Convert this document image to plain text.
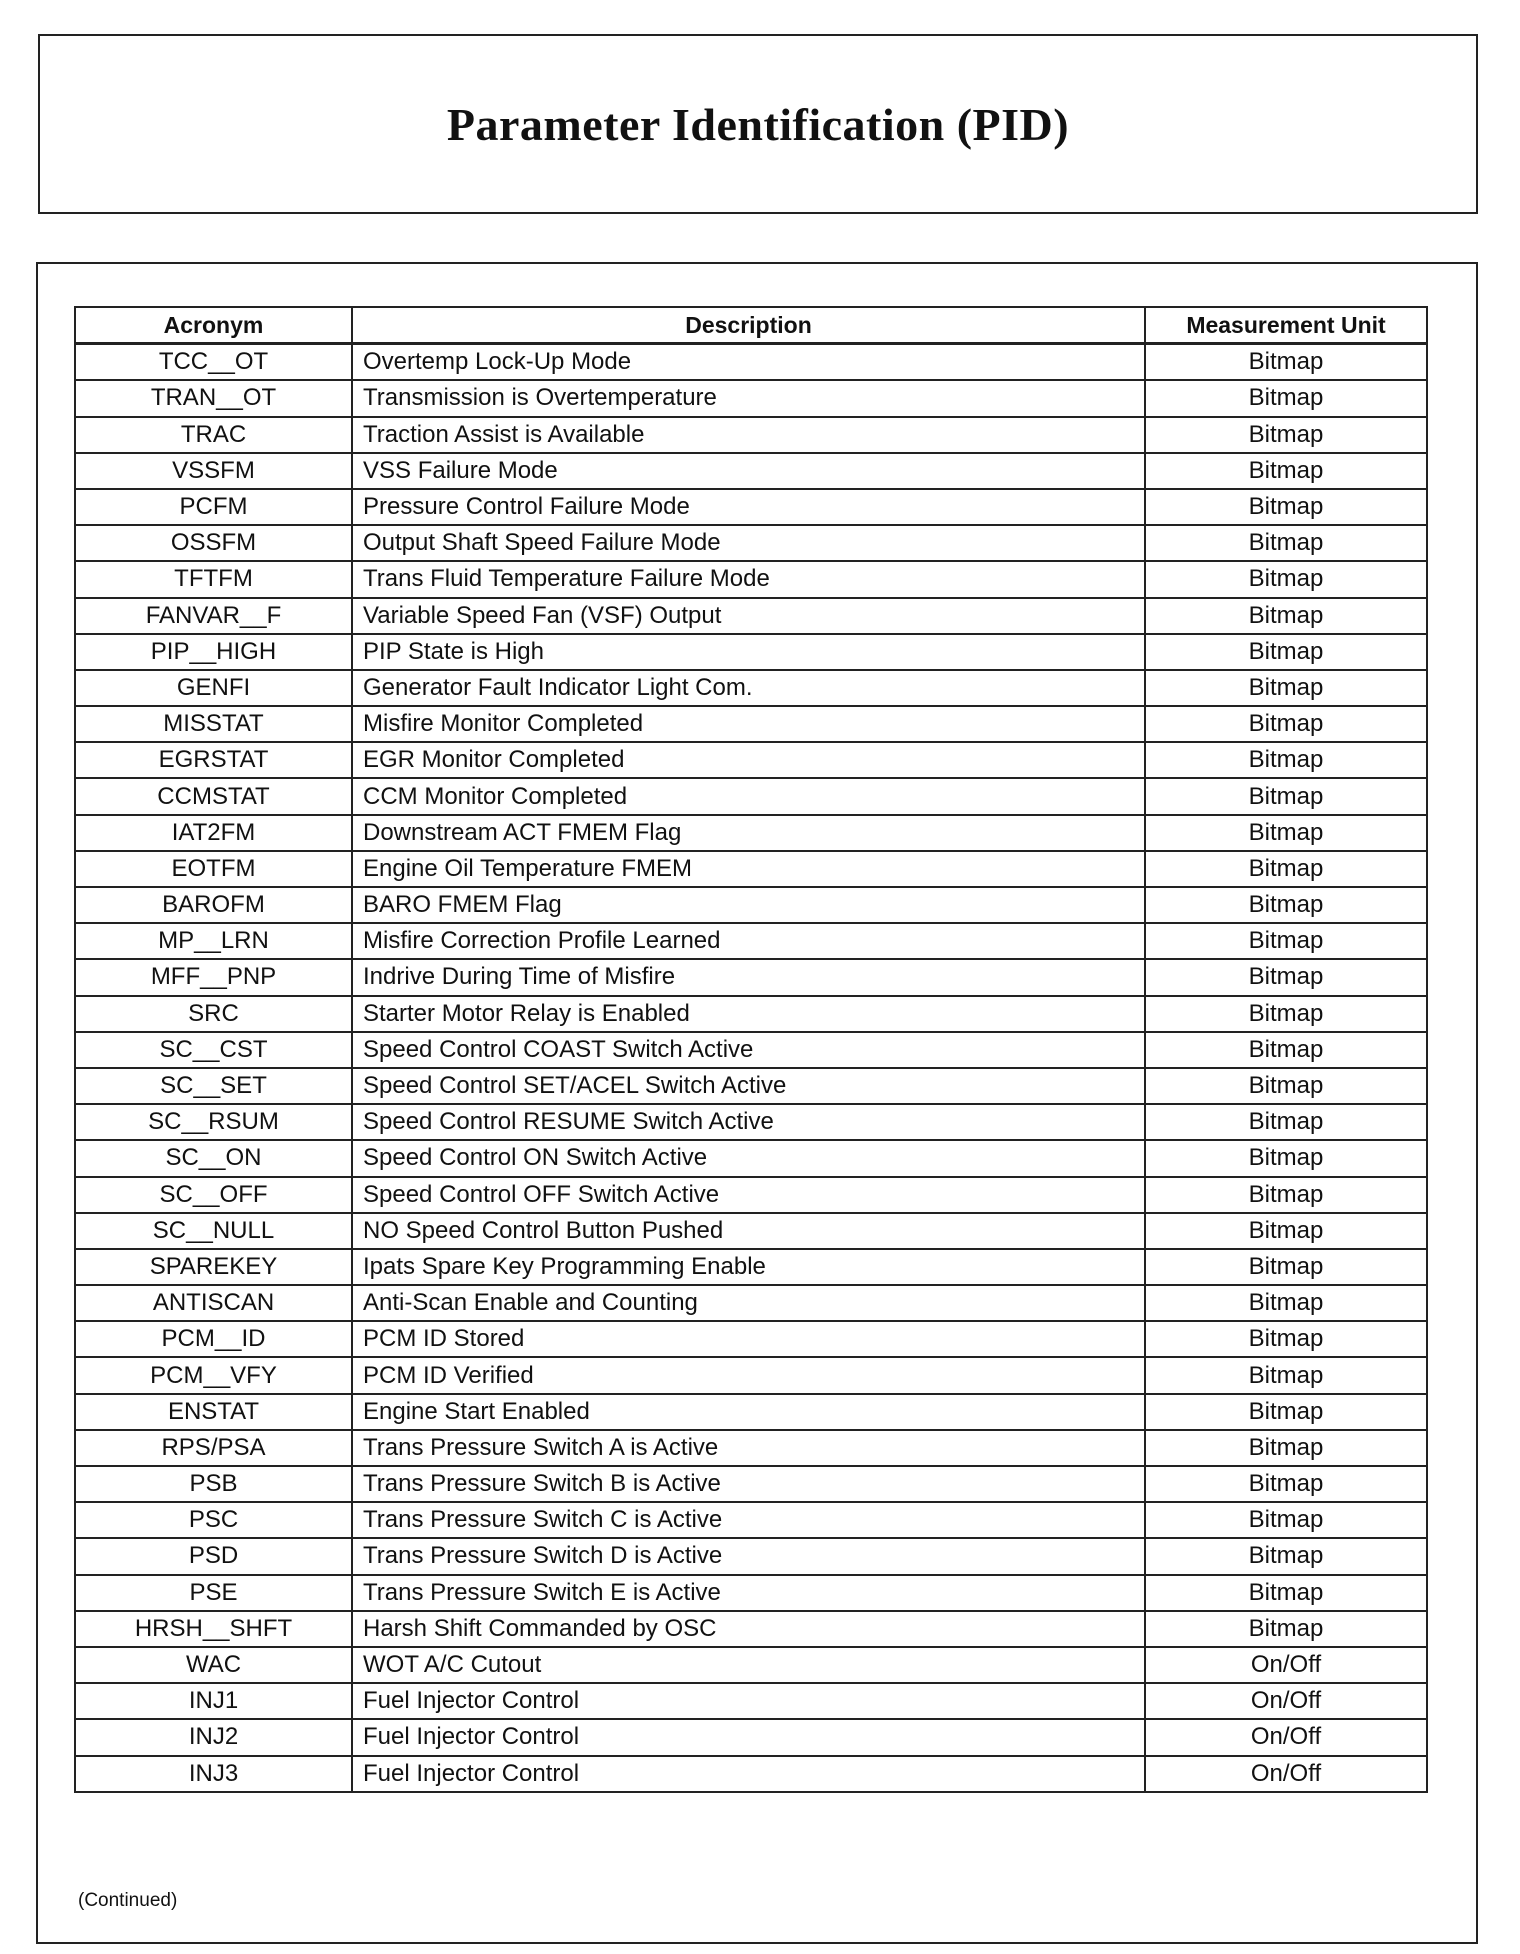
Parameter Identification (PID)
Acronym	Description	Measurement Unit
TCC__OT	Overtemp Lock-Up Mode	Bitmap
TRAN__OT	Transmission is Overtemperature	Bitmap
TRAC	Traction Assist is Available	Bitmap
VSSFM	VSS Failure Mode	Bitmap
PCFM	Pressure Control Failure Mode	Bitmap
OSSFM	Output Shaft Speed Failure Mode	Bitmap
TFTFM	Trans Fluid Temperature Failure Mode	Bitmap
FANVAR__F	Variable Speed Fan (VSF) Output	Bitmap
PIP__HIGH	PIP State is High	Bitmap
GENFI	Generator Fault Indicator Light Com.	Bitmap
MISSTAT	Misfire Monitor Completed	Bitmap
EGRSTAT	EGR Monitor Completed	Bitmap
CCMSTAT	CCM Monitor Completed	Bitmap
IAT2FM	Downstream ACT FMEM Flag	Bitmap
EOTFM	Engine Oil Temperature FMEM	Bitmap
BAROFM	BARO FMEM Flag	Bitmap
MP__LRN	Misfire Correction Profile Learned	Bitmap
MFF__PNP	Indrive During Time of Misfire	Bitmap
SRC	Starter Motor Relay is Enabled	Bitmap
SC__CST	Speed Control COAST Switch Active	Bitmap
SC__SET	Speed Control SET/ACEL Switch Active	Bitmap
SC__RSUM	Speed Control RESUME Switch Active	Bitmap
SC__ON	Speed Control ON Switch Active	Bitmap
SC__OFF	Speed Control OFF Switch Active	Bitmap
SC__NULL	NO Speed Control Button Pushed	Bitmap
SPAREKEY	Ipats Spare Key Programming Enable	Bitmap
ANTISCAN	Anti-Scan Enable and Counting	Bitmap
PCM__ID	PCM ID Stored	Bitmap
PCM__VFY	PCM ID Verified	Bitmap
ENSTAT	Engine Start Enabled	Bitmap
RPS/PSA	Trans Pressure Switch A is Active	Bitmap
PSB	Trans Pressure Switch B is Active	Bitmap
PSC	Trans Pressure Switch C is Active	Bitmap
PSD	Trans Pressure Switch D is Active	Bitmap
PSE	Trans Pressure Switch E is Active	Bitmap
HRSH__SHFT	Harsh Shift Commanded by OSC	Bitmap
WAC	WOT A/C Cutout	On/Off
INJ1	Fuel Injector Control	On/Off
INJ2	Fuel Injector Control	On/Off
INJ3	Fuel Injector Control	On/Off
(Continued)
